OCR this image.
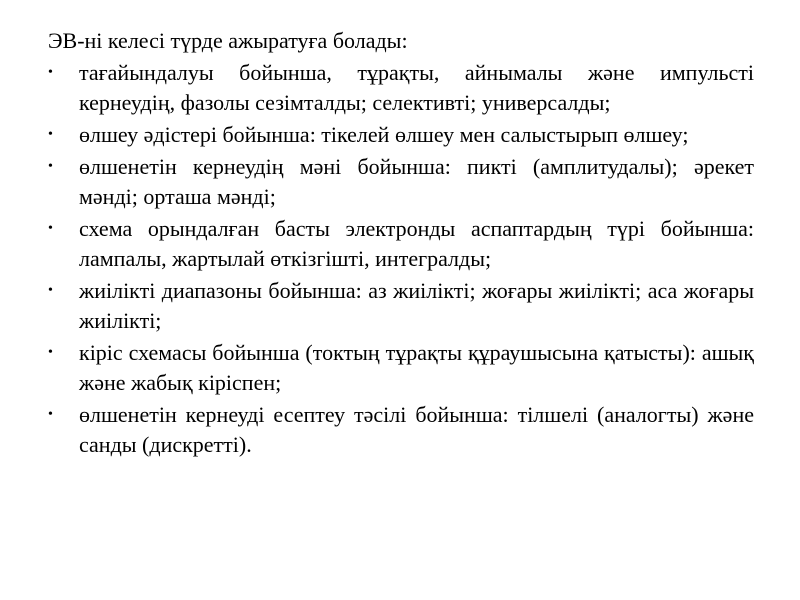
ЭВ-ні келесі түрде ажыратуға болады:

•	тағайындалуы бойынша, тұрақты, айнымалы және импульсті кернеудің, фазолы сезімталды; селективті; универсалды;
•	өлшеу әдістері бойынша: тікелей өлшеу мен салыстырып өлшеу;
•	өлшенетін кернеудің мәні бойынша: пикті (амплитудалы); әрекет мәнді; орташа мәнді;
•	схема орындалған басты электронды аспаптардың түрі бойынша: лампалы, жартылай өткізгішті, интегралды;
•	жиілікті диапазоны бойынша: аз жиілікті; жоғары жиілікті; аса жоғары жиілікті;
•	кіріс схемасы бойынша (токтың тұрақты құраушысына қатысты): ашық және жабық кіріспен;
•	өлшенетін кернеуді есептеу тәсілі бойынша: тілшелі (аналогты) және санды (дискретті).
